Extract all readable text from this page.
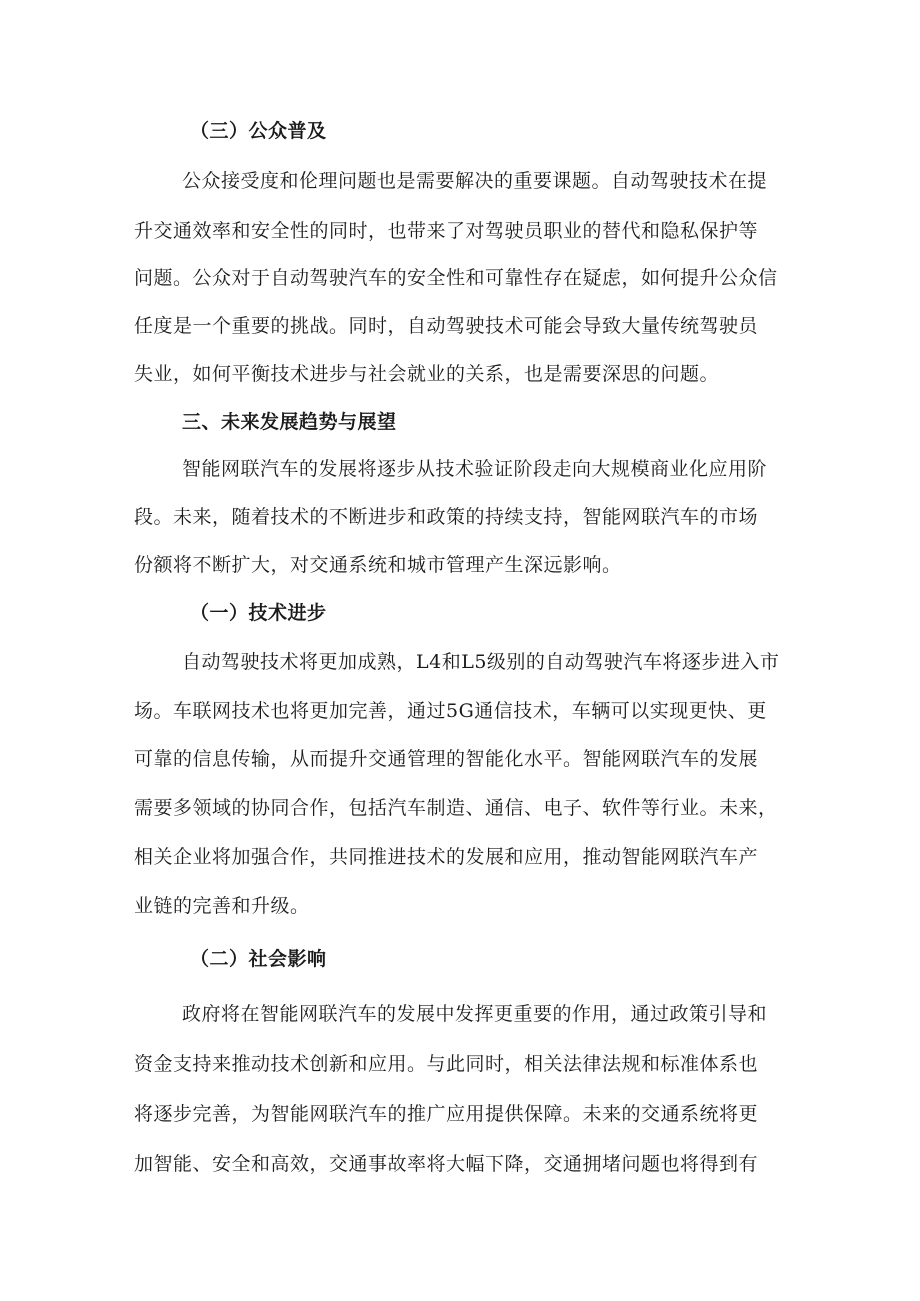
（三）公众普及
公众接受度和伦理问题也是需要解决的重要课题。自动驾驶技术在提
升交通效率和安全性的同时，也带来了对驾驶员职业的替代和隐私保护等
问题。公众对于自动驾驶汽车的安全性和可靠性存在疑虑，如何提升公众信
任度是一个重要的挑战。同时，自动驾驶技术可能会导致大量传统驾驶员
失业，如何平衡技术进步与社会就业的关系，也是需要深思的问题。
三、未来发展趋势与展望
智能网联汽车的发展将逐步从技术验证阶段走向大规模商业化应用阶
段。未来，随着技术的不断进步和政策的持续支持，智能网联汽车的市场
份额将不断扩大，对交通系统和城市管理产生深远影响。
（一）技术进步
自动驾驶技术将更加成熟，L4和L5级别的自动驾驶汽车将逐步进入市
场。车联网技术也将更加完善，通过5G通信技术，车辆可以实现更快、更
可靠的信息传输，从而提升交通管理的智能化水平。智能网联汽车的发展
需要多领域的协同合作，包括汽车制造、通信、电子、软件等行业。未来，
相关企业将加强合作，共同推进技术的发展和应用，推动智能网联汽车产
业链的完善和升级。
（二）社会影响
政府将在智能网联汽车的发展中发挥更重要的作用，通过政策引导和
资金支持来推动技术创新和应用。与此同时，相关法律法规和标准体系也
将逐步完善，为智能网联汽车的推广应用提供保障。未来的交通系统将更
加智能、安全和高效，交通事故率将大幅下降，交通拥堵问题也将得到有
